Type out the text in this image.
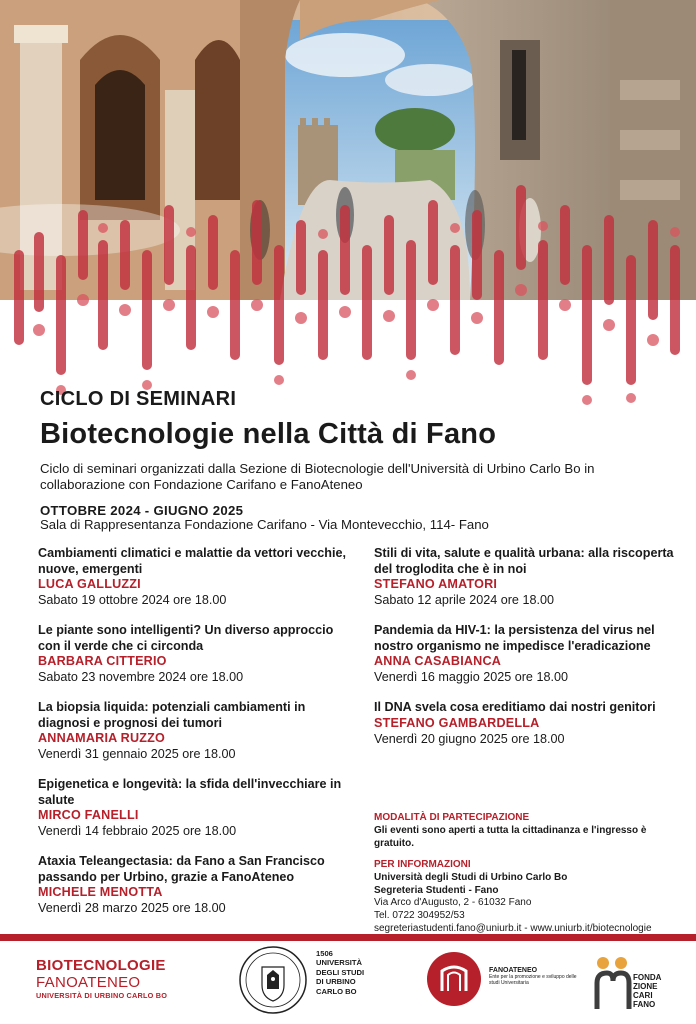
CICLO DI SEMINARI
Biotecnologie nella Città di Fano
Ciclo di seminari organizzati dalla Sezione di Biotecnologie dell'Università di Urbino Carlo Bo in collaborazione con Fondazione Carifano e FanoAteneo
OTTOBRE 2024 - GIUGNO 2025
Sala di Rappresentanza Fondazione Carifano - Via Montevecchio, 114- Fano
Cambiamenti climatici e malattie da vettori vecchie, nuove, emergenti
LUCA GALLUZZI
Sabato 19 ottobre 2024 ore 18.00
Le piante sono intelligenti? Un diverso approccio con il verde che ci circonda
BARBARA CITTERIO
Sabato 23 novembre 2024 ore 18.00
La biopsia liquida: potenziali cambiamenti in diagnosi e prognosi dei tumori
ANNAMARIA RUZZO
Venerdì 31 gennaio 2025 ore 18.00
Epigenetica e longevità: la sfida dell'invecchiare in salute
MIRCO FANELLI
Venerdì 14 febbraio 2025 ore 18.00
Ataxia Teleangectasia: da Fano a San Francisco passando per Urbino, grazie a FanoAteneo
MICHELE MENOTTA
Venerdì 28 marzo 2025 ore 18.00
Stili di vita, salute e qualità urbana: alla riscoperta del troglodita che è in noi
STEFANO AMATORI
Sabato 12 aprile 2024 ore 18.00
Pandemia da HIV-1: la persistenza del virus nel nostro organismo ne impedisce l'eradicazione
ANNA CASABIANCA
Venerdì 16 maggio 2025 ore 18.00
Il DNA svela cosa ereditiamo dai nostri genitori
STEFANO GAMBARDELLA
Venerdì 20 giugno 2025 ore 18.00
MODALITÀ DI PARTECIPAZIONE
Gli eventi sono aperti a tutta la cittadinanza e l'ingresso è gratuito.
PER INFORMAZIONI
Università degli Studi di Urbino Carlo Bo
Segreteria Studenti - Fano
Via Arco d'Augusto, 2 - 61032 Fano
Tel. 0722 304952/53
segreteriastudenti.fano@uniurb.it - www.uniurb.it/biotecnologie
BIOTECNOLOGIE
FANOATENEO
UNIVERSITÀ DI URBINO CARLO BO
1506
UNIVERSITÀ
DEGLI STUDI
DI URBINO
CARLO BO
FANOATENEO
Ente per la promozione e sviluppo delle studi Universitaria
FONDA
ZIONE
CARI
FANO
